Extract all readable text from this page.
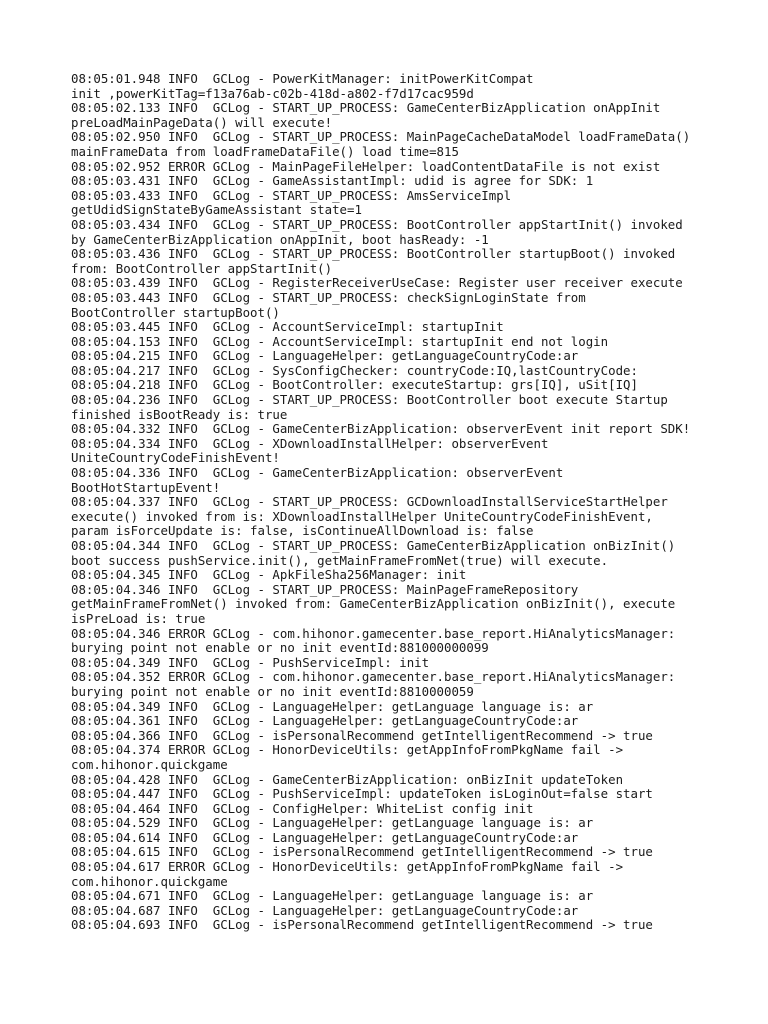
08:05:01.948 INFO  GCLog - PowerKitManager: initPowerKitCompat
init ,powerKitTag=f13a76ab-c02b-418d-a802-f7d17cac959d
08:05:02.133 INFO  GCLog - START_UP_PROCESS: GameCenterBizApplication onAppInit
preLoadMainPageData() will execute!
08:05:02.950 INFO  GCLog - START_UP_PROCESS: MainPageCacheDataModel loadFrameData()
mainFrameData from loadFrameDataFile() load time=815
08:05:02.952 ERROR GCLog - MainPageFileHelper: loadContentDataFile is not exist
08:05:03.431 INFO  GCLog - GameAssistantImpl: udid is agree for SDK: 1
08:05:03.433 INFO  GCLog - START_UP_PROCESS: AmsServiceImpl
getUdidSignStateByGameAssistant state=1
08:05:03.434 INFO  GCLog - START_UP_PROCESS: BootController appStartInit() invoked
by GameCenterBizApplication onAppInit, boot hasReady: -1
08:05:03.436 INFO  GCLog - START_UP_PROCESS: BootController startupBoot() invoked
from: BootController appStartInit()
08:05:03.439 INFO  GCLog - RegisterReceiverUseCase: Register user receiver execute
08:05:03.443 INFO  GCLog - START_UP_PROCESS: checkSignLoginState from
BootController startupBoot()
08:05:03.445 INFO  GCLog - AccountServiceImpl: startupInit
08:05:04.153 INFO  GCLog - AccountServiceImpl: startupInit end not login
08:05:04.215 INFO  GCLog - LanguageHelper: getLanguageCountryCode:ar
08:05:04.217 INFO  GCLog - SysConfigChecker: countryCode:IQ,lastCountryCode:
08:05:04.218 INFO  GCLog - BootController: executeStartup: grs[IQ], uSit[IQ]
08:05:04.236 INFO  GCLog - START_UP_PROCESS: BootController boot execute Startup
finished isBootReady is: true
08:05:04.332 INFO  GCLog - GameCenterBizApplication: observerEvent init report SDK!
08:05:04.334 INFO  GCLog - XDownloadInstallHelper: observerEvent
UniteCountryCodeFinishEvent!
08:05:04.336 INFO  GCLog - GameCenterBizApplication: observerEvent
BootHotStartupEvent!
08:05:04.337 INFO  GCLog - START_UP_PROCESS: GCDownloadInstallServiceStartHelper
execute() invoked from is: XDownloadInstallHelper UniteCountryCodeFinishEvent,
param isForceUpdate is: false, isContinueAllDownload is: false
08:05:04.344 INFO  GCLog - START_UP_PROCESS: GameCenterBizApplication onBizInit()
boot success pushService.init(), getMainFrameFromNet(true) will execute.
08:05:04.345 INFO  GCLog - ApkFileSha256Manager: init
08:05:04.346 INFO  GCLog - START_UP_PROCESS: MainPageFrameRepository
getMainFrameFromNet() invoked from: GameCenterBizApplication onBizInit(), execute
isPreLoad is: true
08:05:04.346 ERROR GCLog - com.hihonor.gamecenter.base_report.HiAnalyticsManager:
burying point not enable or no init eventId:881000000099
08:05:04.349 INFO  GCLog - PushServiceImpl: init
08:05:04.352 ERROR GCLog - com.hihonor.gamecenter.base_report.HiAnalyticsManager:
burying point not enable or no init eventId:8810000059
08:05:04.349 INFO  GCLog - LanguageHelper: getLanguage language is: ar
08:05:04.361 INFO  GCLog - LanguageHelper: getLanguageCountryCode:ar
08:05:04.366 INFO  GCLog - isPersonalRecommend getIntelligentRecommend -> true
08:05:04.374 ERROR GCLog - HonorDeviceUtils: getAppInfoFromPkgName fail ->
com.hihonor.quickgame
08:05:04.428 INFO  GCLog - GameCenterBizApplication: onBizInit updateToken
08:05:04.447 INFO  GCLog - PushServiceImpl: updateToken isLoginOut=false start
08:05:04.464 INFO  GCLog - ConfigHelper: WhiteList config init
08:05:04.529 INFO  GCLog - LanguageHelper: getLanguage language is: ar
08:05:04.614 INFO  GCLog - LanguageHelper: getLanguageCountryCode:ar
08:05:04.615 INFO  GCLog - isPersonalRecommend getIntelligentRecommend -> true
08:05:04.617 ERROR GCLog - HonorDeviceUtils: getAppInfoFromPkgName fail ->
com.hihonor.quickgame
08:05:04.671 INFO  GCLog - LanguageHelper: getLanguage language is: ar
08:05:04.687 INFO  GCLog - LanguageHelper: getLanguageCountryCode:ar
08:05:04.693 INFO  GCLog - isPersonalRecommend getIntelligentRecommend -> true
